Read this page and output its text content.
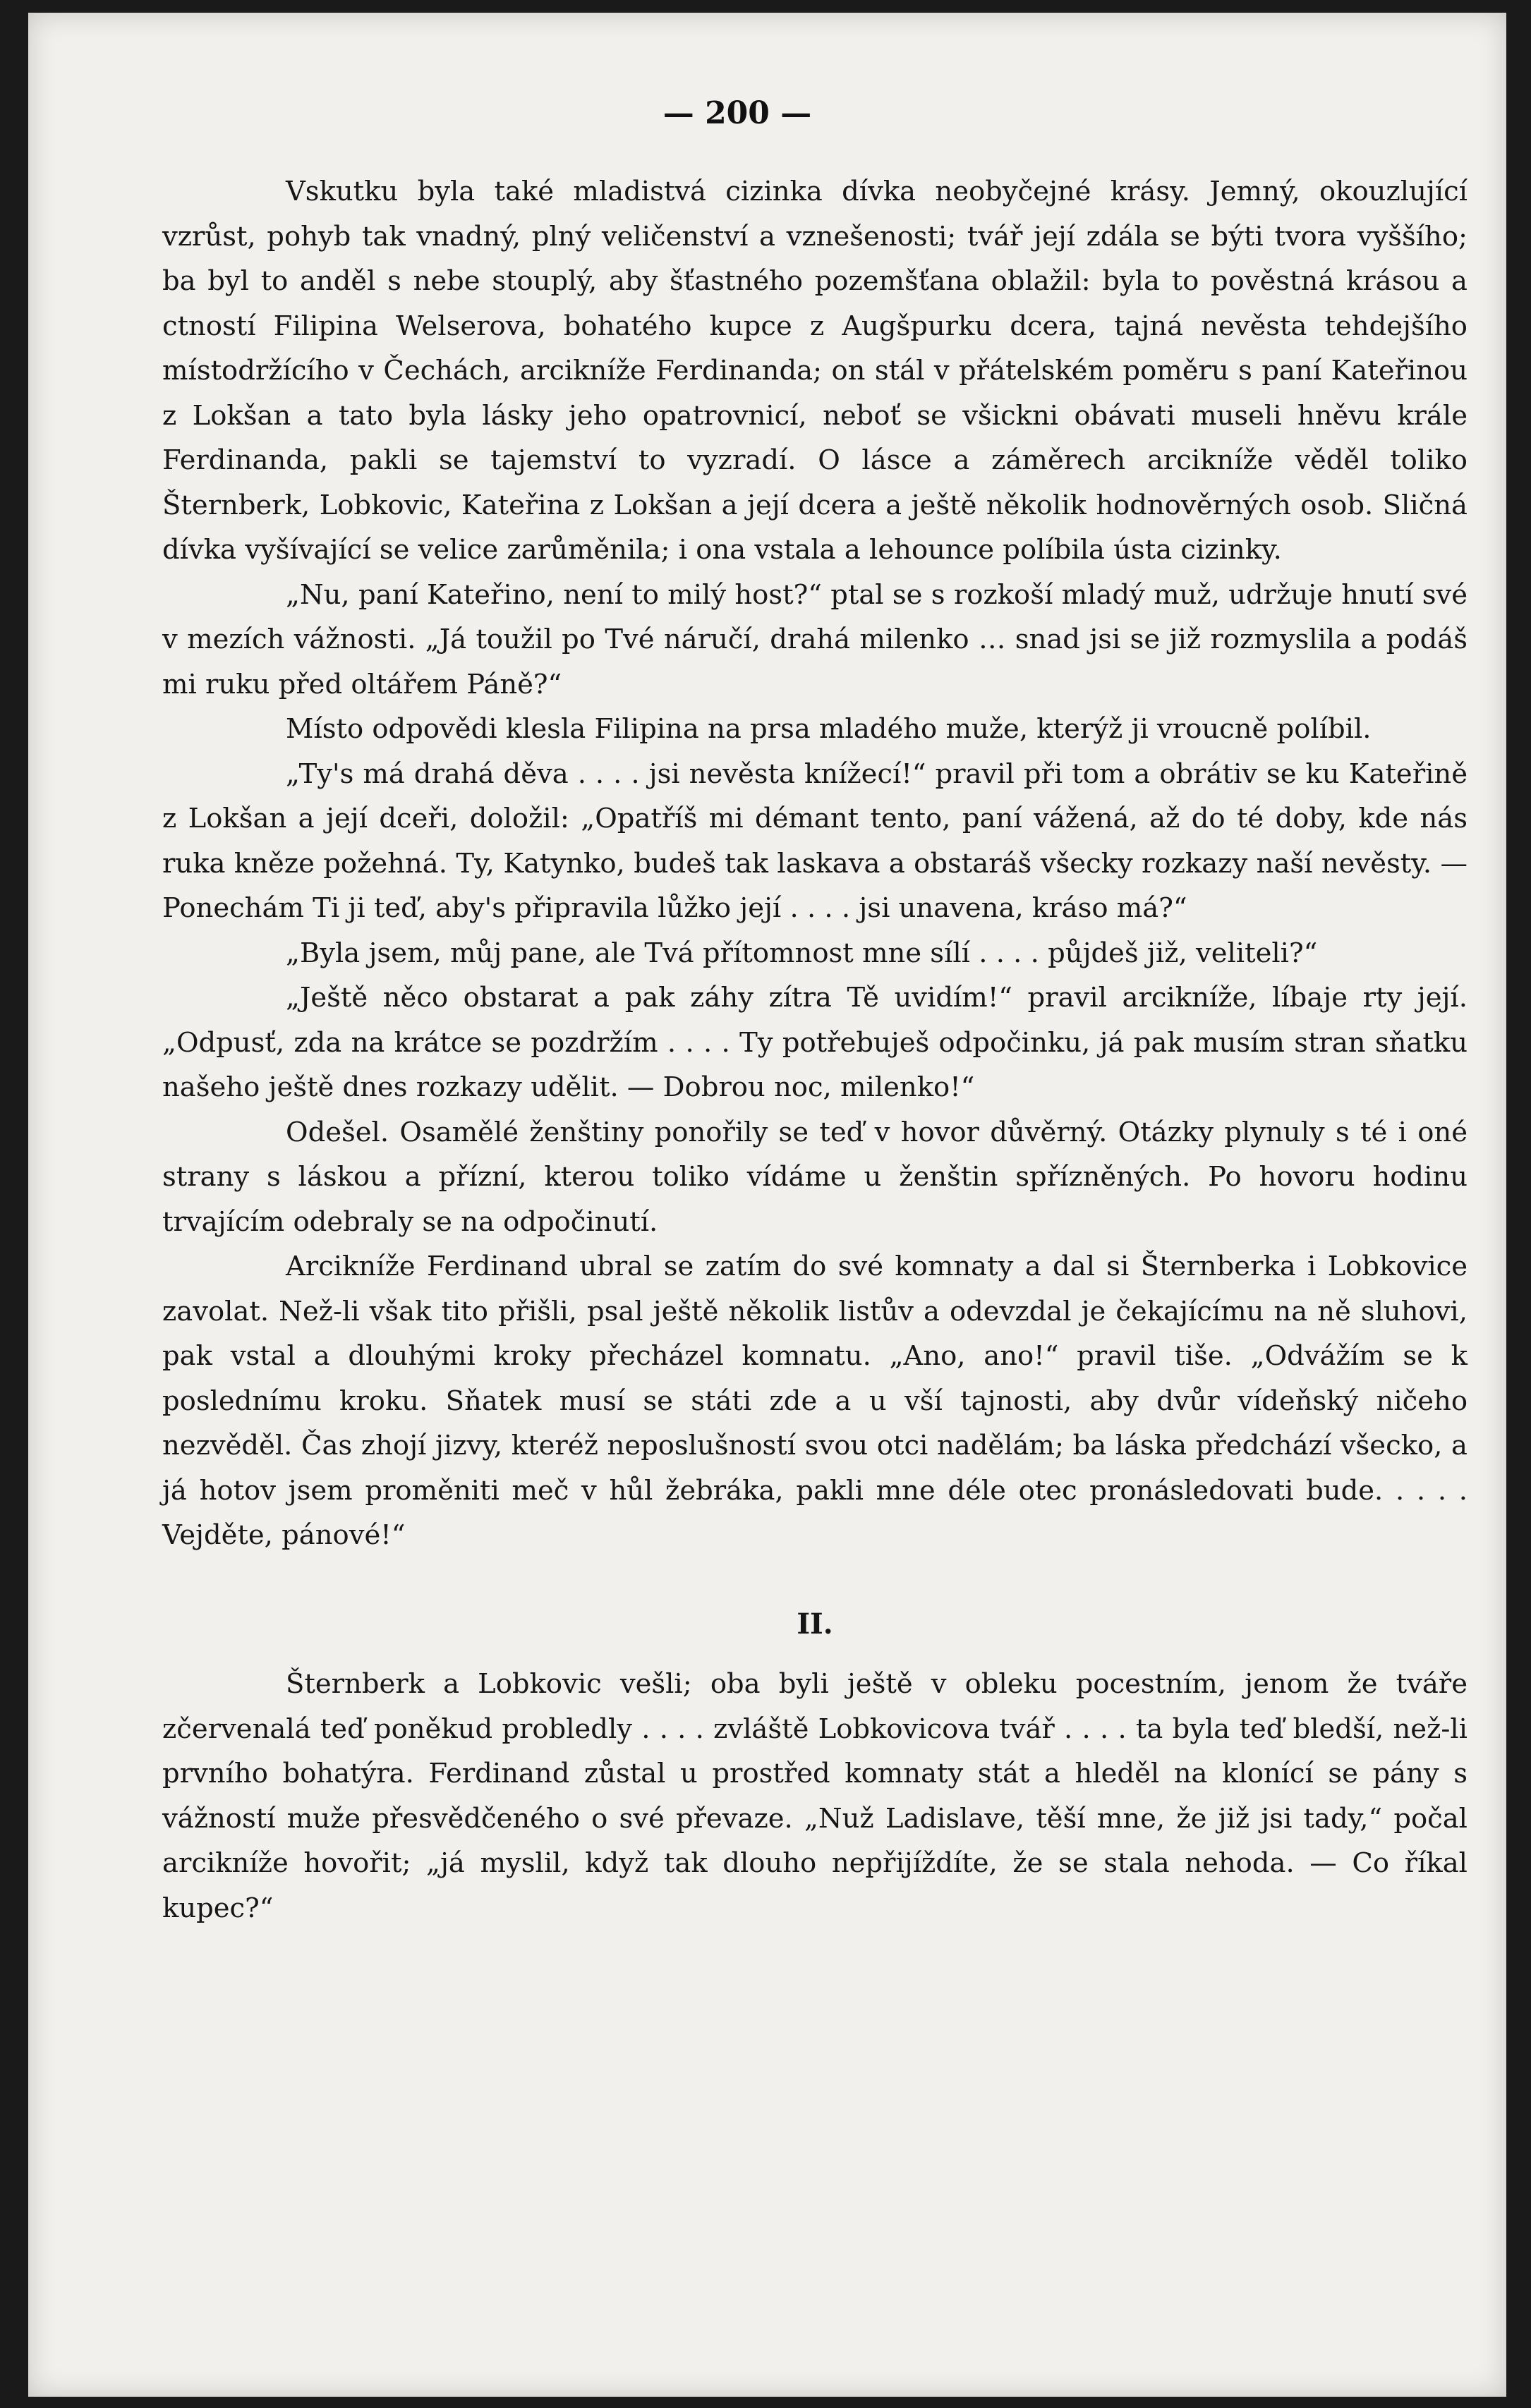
— 200 —

Vskutku byla také mladistvá cizinka dívka neobyčejné krásy. Jemný, okouzlující vzrůst, pohyb tak vnadný, plný veličenství a vznešenosti; tvář její zdála se býti tvora vyššího; ba byl to anděl s nebe stouplý, aby šťastného pozemšťana oblažil: byla to pověstná krásou a ctností Filipina Welserova, bohatého kupce z Augšpurku dcera, tajná nevěsta tehdejšího místodržícího v Čechách, arcikníže Ferdinanda; on stál v přátelském poměru s paní Kateřinou z Lokšan a tato byla lásky jeho opatrovnicí, neboť se všickni obávati museli hněvu krále Ferdinanda, pakli se tajemství to vyzradí. O lásce a záměrech arcikníže věděl toliko Šternberk, Lobkovic, Kateřina z Lokšan a její dcera a ještě několik hodnověrných osob. Sličná dívka vyšívající se velice zarůměnila; i ona vstala a lehounce políbila ústa cizinky.

„Nu, paní Kateřino, není to milý host?“ ptal se s rozkoší mladý muž, udržuje hnutí své v mezích vážnosti. „Já toužil po Tvé náručí, drahá milenko … snad jsi se již rozmyslila a podáš mi ruku před oltářem Páně?“

Místo odpovědi klesla Filipina na prsa mladého muže, kterýž ji vroucně políbil.

„Ty's má drahá děva . . . . jsi nevěsta knížecí!“ pravil při tom a obrátiv se ku Kateřině z Lokšan a její dceři, doložil: „Opatříš mi démant tento, paní vážená, až do té doby, kde nás ruka kněze požehná. Ty, Katynko, budeš tak laskava a obstaráš všecky rozkazy naší nevěsty. — Ponechám Ti ji teď, aby's připravila lůžko její . . . . jsi unavena, kráso má?“

„Byla jsem, můj pane, ale Tvá přítomnost mne sílí . . . . půjdeš již, veliteli?“

„Ještě něco obstarat a pak záhy zítra Tě uvidím!“ pravil arcikníže, líbaje rty její. „Odpusť, zda na krátce se pozdržím . . . . Ty potřebuješ odpočinku, já pak musím stran sňatku našeho ještě dnes rozkazy udělit. — Dobrou noc, milenko!“

Odešel. Osamělé ženštiny ponořily se teď v hovor důvěrný. Otázky plynuly s té i oné strany s láskou a přízní, kterou toliko vídáme u ženštin spřízněných. Po hovoru hodinu trvajícím odebraly se na odpočinutí.

Arcikníže Ferdinand ubral se zatím do své komnaty a dal si Šternberka i Lobkovice zavolat. Než-li však tito přišli, psal ještě několik listův a odevzdal je čekajícímu na ně sluhovi, pak vstal a dlouhými kroky přecházel komnatu. „Ano, ano!“ pravil tiše. „Odvážím se k poslednímu kroku. Sňatek musí se státi zde a u vší tajnosti, aby dvůr vídeňský ničeho nezvěděl. Čas zhojí jizvy, kteréž neposlušností svou otci nadělám; ba láska předchází všecko, a já hotov jsem proměniti meč v hůl žebráka, pakli mne déle otec pronásledovati bude. . . . . Vejděte, pánové!“

II.

Šternberk a Lobkovic vešli; oba byli ještě v obleku pocestním, jenom že tváře zčervenalá teď poněkud probledly . . . . zvláště Lobkovicova tvář . . . . ta byla teď bledší, než-li prvního bohatýra. Ferdinand zůstal u prostřed komnaty stát a hleděl na klonící se pány s vážností muže přesvědčeného o své převaze. „Nuž Ladislave, těší mne, že již jsi tady,“ počal arcikníže hovořit; „já myslil, když tak dlouho nepřijíždíte, že se stala nehoda. — Co říkal kupec?“
